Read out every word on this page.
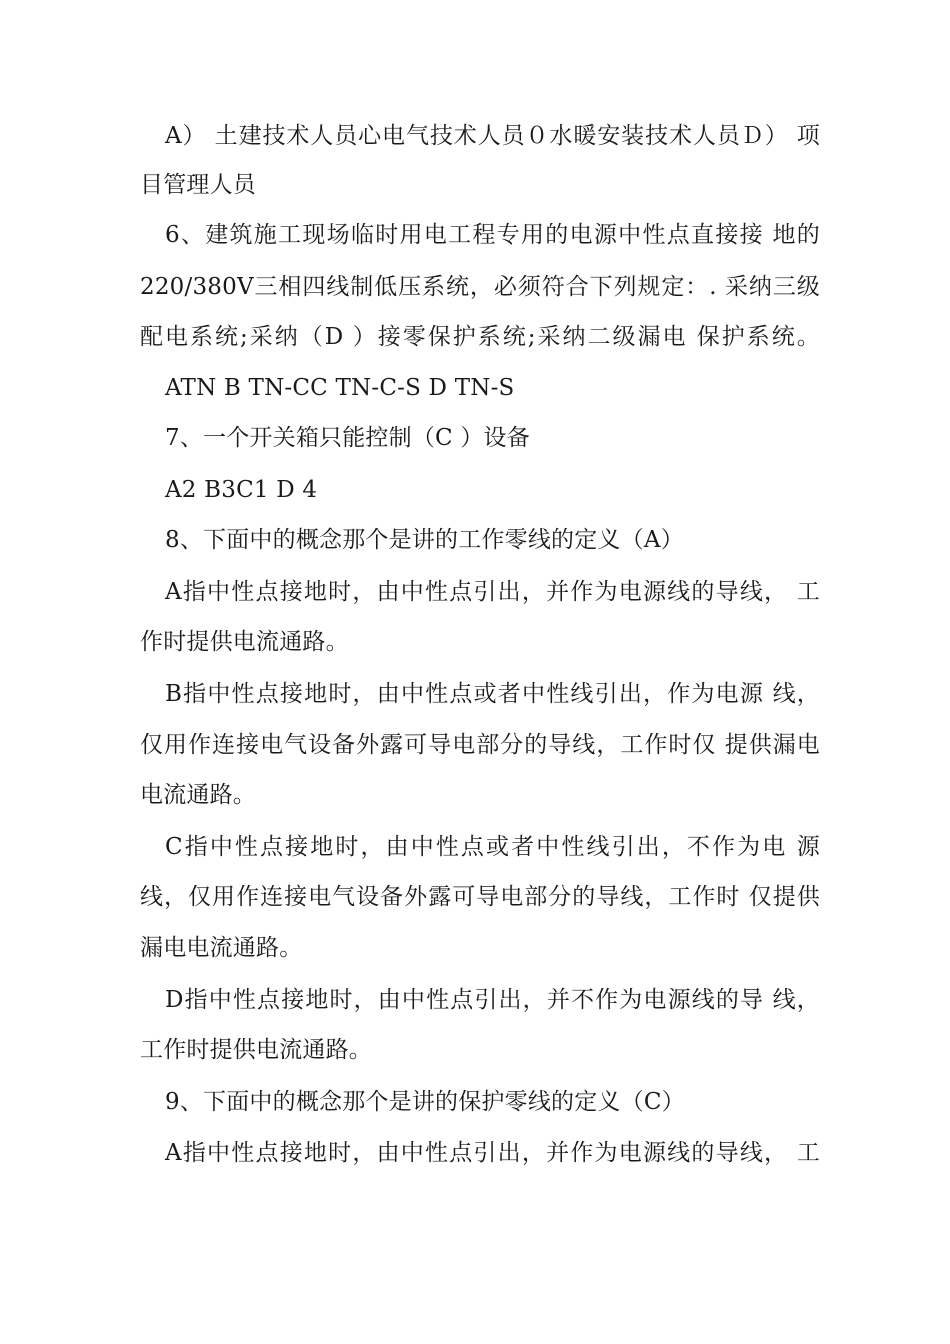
A） 土建技术人员心电气技术人员０水暖安装技术人员Ｄ） 项
目管理人员
6、建筑施工现场临时用电工程专用的电源中性点直接接 地的
220/380V三相四线制低压系统，必须符合下列规定：. 采纳三级
配电系统;采纳（D ）接零保护系统;采纳二级漏电 保护系统。
ATN B TN-CC TN-C-S D TN-S
7、一个开关箱只能控制（C ）设备
A2 B3C1 D 4
8、下面中的概念那个是讲的工作零线的定义（A）
A指中性点接地时，由中性点引出，并作为电源线的导线， 工
作时提供电流通路。
B指中性点接地时，由中性点或者中性线引出，作为电源 线，
仅用作连接电气设备外露可导电部分的导线，工作时仅 提供漏电
电流通路。
C指中性点接地时，由中性点或者中性线引出，不作为电 源
线，仅用作连接电气设备外露可导电部分的导线，工作时 仅提供
漏电电流通路。
D指中性点接地时，由中性点引出，并不作为电源线的导 线，
工作时提供电流通路。
9、下面中的概念那个是讲的保护零线的定义（C）
A指中性点接地时，由中性点引出，并作为电源线的导线， 工
